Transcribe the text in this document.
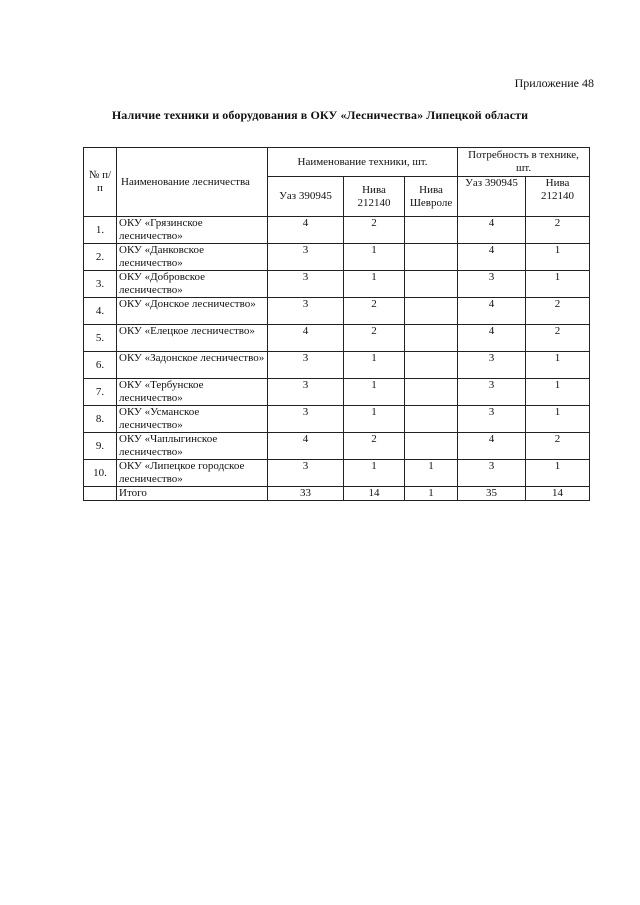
Приложение 48
Наличие техники и оборудования в ОКУ «Лесничества» Липецкой области
№ п/п	Наименование лесничества	Наименование техники, шт.			Потребность в технике, шт.	
		Уаз 390945	Нива 212140	Нива Шевроле	Уаз 390945	Нива 212140
1.	ОКУ «Грязинское лесничество»	4	2		4	2
2.	ОКУ «Данковское лесничество»	3	1		4	1
3.	ОКУ «Добровское лесничество»	3	1		3	1
4.	ОКУ «Донское лесничество»	3	2		4	2
5.	ОКУ «Елецкое лесничество»	4	2		4	2
6.	ОКУ «Задонское лесничество»	3	1		3	1
7.	ОКУ «Тербунское лесничество»	3	1		3	1
8.	ОКУ «Усманское лесничество»	3	1		3	1
9.	ОКУ «Чаплыгинское лесничество»	4	2		4	2
10.	ОКУ «Липецкое городское лесничество»	3	1	1	3	1
	Итого	33	14	1	35	14
